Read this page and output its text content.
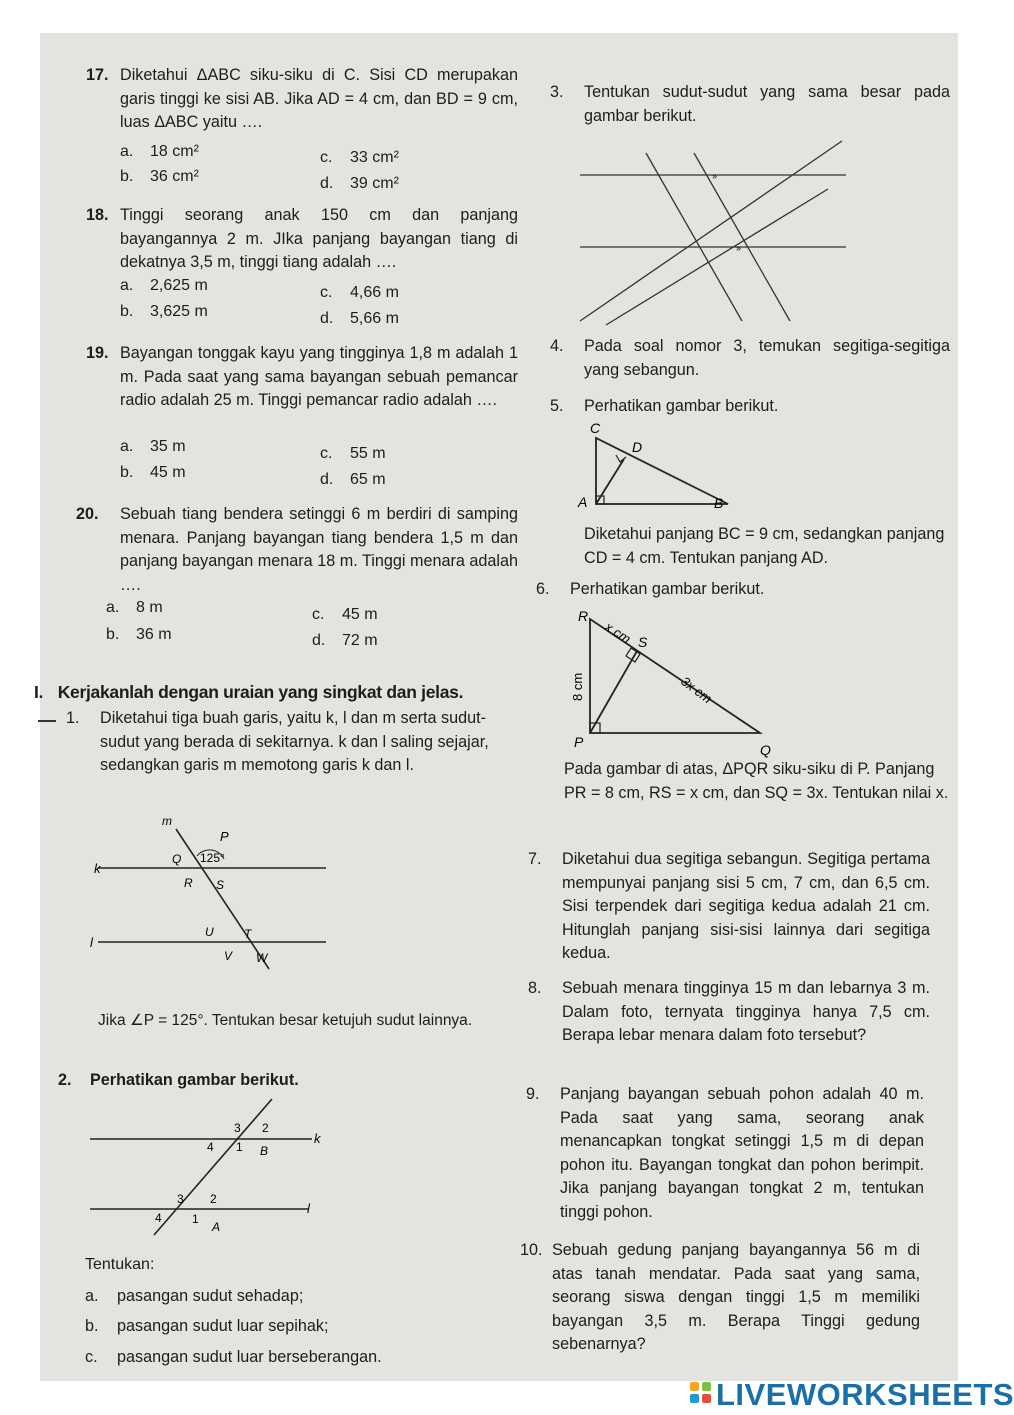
17. Diketahui ΔABC siku-siku di C. Sisi CD merupakan garis tinggi ke sisi AB. Jika AD = 4 cm, dan BD = 9 cm, luas ΔABC yaitu ….
a. 18 cm²
b. 36 cm²
c. 33 cm²
d. 39 cm²
18. Tinggi seorang anak 150 cm dan panjang bayangannya 2 m. JIka panjang bayangan tiang di dekatnya 3,5 m, tinggi tiang adalah ….
a. 2,625 m
b. 3,625 m
c. 4,66 m
d. 5,66 m
19. Bayangan tonggak kayu yang tingginya 1,8 m adalah 1 m. Pada saat yang sama bayangan sebuah pemancar radio adalah 25 m. Tinggi pemancar radio adalah ….
a. 35 m
b. 45 m
c. 55 m
d. 65 m
20. Sebuah tiang bendera setinggi 6 m berdiri di samping menara. Panjang bayangan tiang bendera 1,5 m dan panjang bayangan menara 18 m. Tinggi menara adalah ….
a. 8 m
b. 36 m
c. 45 m
d. 72 m
I. Kerjakanlah dengan uraian yang singkat dan jelas.
1. Diketahui tiga buah garis, yaitu k, l dan m serta sudut-sudut yang berada di sekitarnya. k dan l saling sejajar, sedangkan garis m memotong garis k dan l.
m
P
k
Q 125°
R S
l
U	T
V W
Jika ∠P = 125°. Tentukan besar ketujuh sudut lainnya.
2. Perhatikan gambar berikut.
3 2
4 1 B
k
3 2
4	1
A
l
Tentukan:
a. pasangan sudut sehadap;
b. pasangan sudut luar sepihak;
c. pasangan sudut luar berseberangan.
3. Tentukan sudut-sudut yang sama besar pada gambar berikut.
»
»
4. Pada soal nomor 3, temukan segitiga-segitiga yang sebangun.
5. Perhatikan gambar berikut.
C
D
A	B
Diketahui panjang BC = 9 cm, sedangkan panjang CD = 4 cm. Tentukan panjang AD.
6. Perhatikan gambar berikut.
R
x cm S
8 cm	3x cm
P	Q
Pada gambar di atas, ΔPQR siku-siku di P. Panjang PR = 8 cm, RS = x cm, dan SQ = 3x. Tentukan nilai x.
7. Diketahui dua segitiga sebangun. Segitiga pertama mempunyai panjang sisi 5 cm, 7 cm, dan 6,5 cm. Sisi terpendek dari segitiga kedua adalah 21 cm. Hitunglah panjang sisi-sisi lainnya dari segitiga kedua.
8. Sebuah menara tingginya 15 m dan lebarnya 3 m. Dalam foto, ternyata tingginya hanya 7,5 cm. Berapa lebar menara dalam foto tersebut?
9. Panjang bayangan sebuah pohon adalah 40 m. Pada saat yang sama, seorang anak menancapkan tongkat setinggi 1,5 m di depan pohon itu. Bayangan tongkat dan pohon berimpit. Jika panjang bayangan tongkat 2 m, tentukan tinggi pohon.
10. Sebuah gedung panjang bayangannya 56 m di atas tanah mendatar. Pada saat yang sama, seorang siswa dengan tinggi 1,5 m memiliki bayangan 3,5 m. Berapa Tinggi gedung sebenarnya?
LIVEWORKSHEETS
